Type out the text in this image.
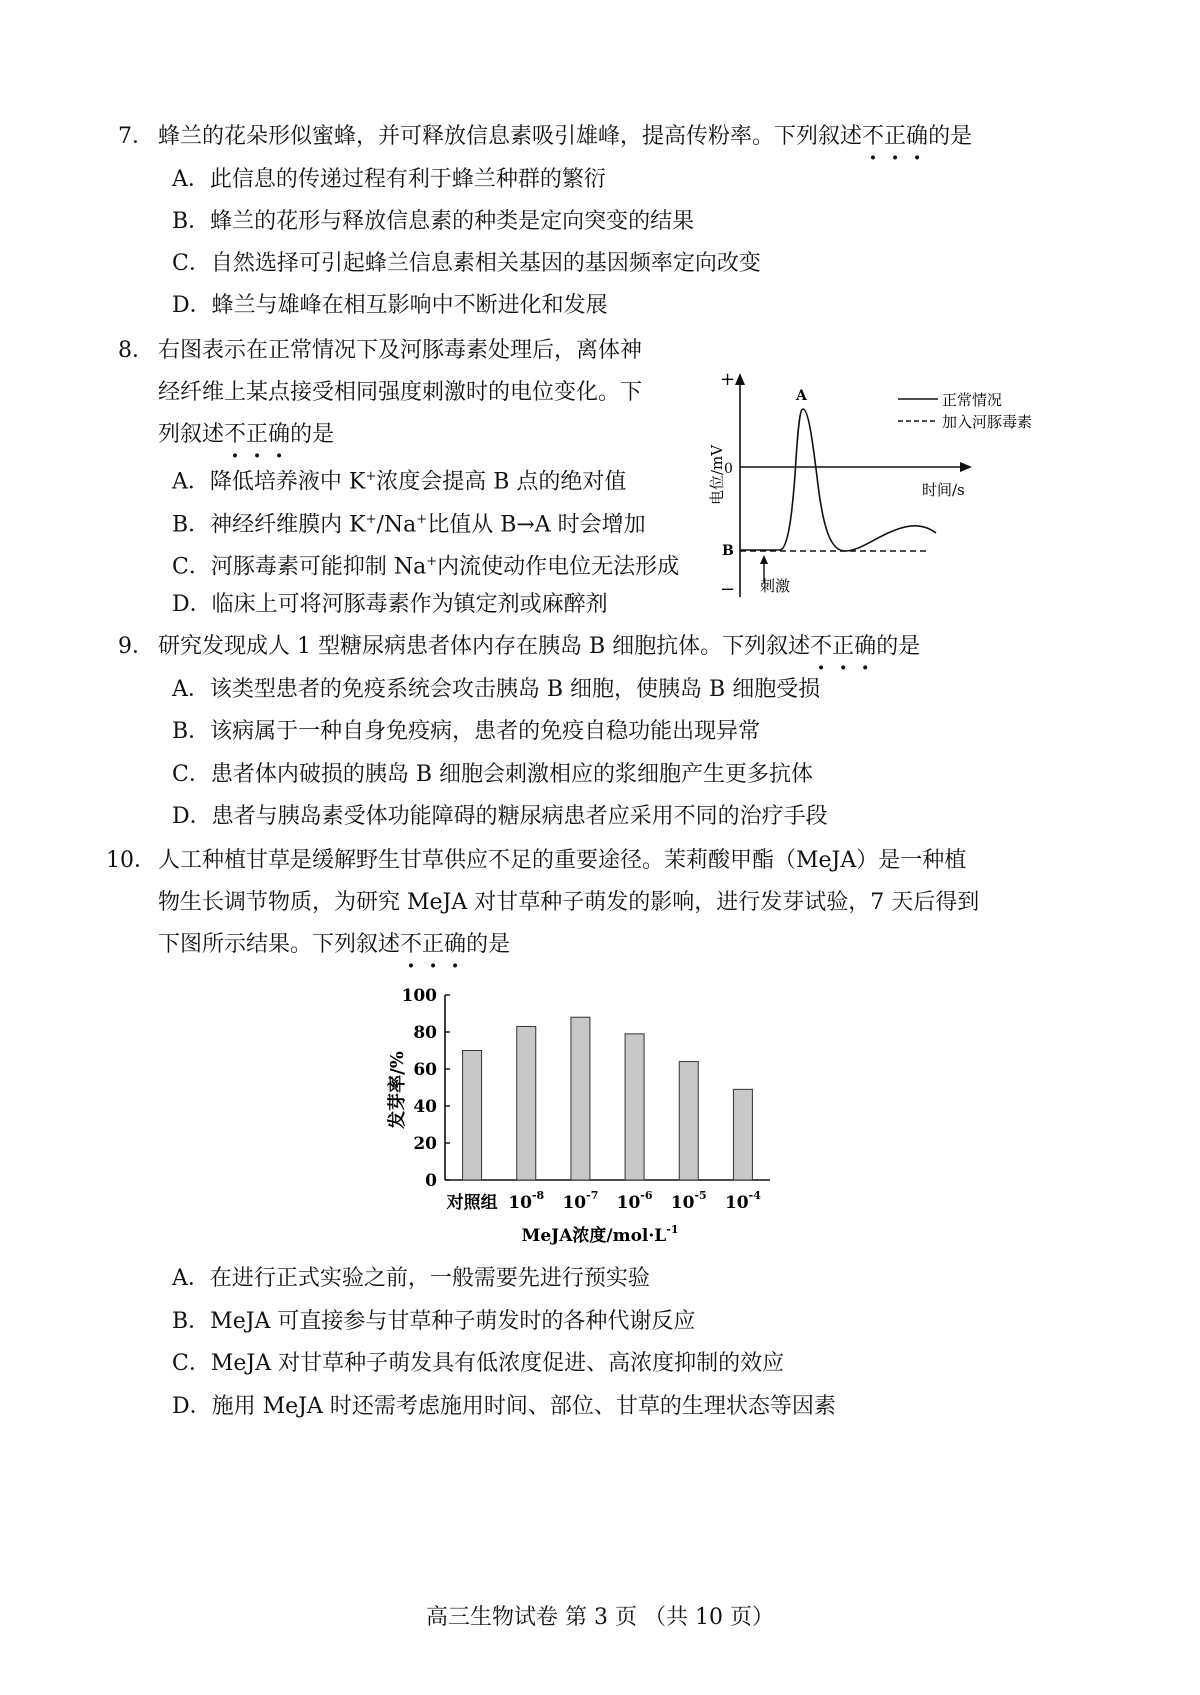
7． 蜂兰的花朵形似蜜蜂，并可释放信息素吸引雄峰，提高传粉率。下列叙述不正确的是
A．此信息的传递过程有利于蜂兰种群的繁衍
B．蜂兰的花形与释放信息素的种类是定向突变的结果
C．自然选择可引起蜂兰信息素相关基因的基因频率定向改变
D．蜂兰与雄峰在相互影响中不断进化和发展
8． 右图表示在正常情况下及河豚毒素处理后，离体神
经纤维上某点接受相同强度刺激时的电位变化。下
列叙述不正确的是
A．降低培养液中 K+浓度会提高 B 点的绝对值
B．神经纤维膜内 K+/Na+比值从 B→A 时会增加
C．河豚毒素可能抑制 Na+内流使动作电位无法形成
D．临床上可将河豚毒素作为镇定剂或麻醉剂
+
−
0
电位/mV	时间/s
A
B
刺激
正常情况
加入河豚毒素
9． 研究发现成人 1 型糖尿病患者体内存在胰岛 B 细胞抗体。下列叙述不正确的是
A．该类型患者的免疫系统会攻击胰岛 B 细胞，使胰岛 B 细胞受损
B．该病属于一种自身免疫病，患者的免疫自稳功能出现异常
C．患者体内破损的胰岛 B 细胞会刺激相应的浆细胞产生更多抗体
D．患者与胰岛素受体功能障碍的糖尿病患者应采用不同的治疗手段
10． 人工种植甘草是缓解野生甘草供应不足的重要途径。茉莉酸甲酯（MeJA）是一种植
物生长调节物质，为研究 MeJA 对甘草种子萌发的影响，进行发芽试验，7 天后得到
下图所示结果。下列叙述不正确的是
0
20
40
60
80
100
对照组 $10^{-8}$ $10^{-7}$ $10^{-6}$ $10^{-5}$ $10^{-4}$
发芽率/%
MeJA浓度$/mol\cdot L^{-1}$
A．在进行正式实验之前，一般需要先进行预实验
B．MeJA 可直接参与甘草种子萌发时的各种代谢反应
C．MeJA 对甘草种子萌发具有低浓度促进、高浓度抑制的效应
D．施用 MeJA 时还需考虑施用时间、部位、甘草的生理状态等因素
高三生物试卷 第 3 页 （共 10 页）
